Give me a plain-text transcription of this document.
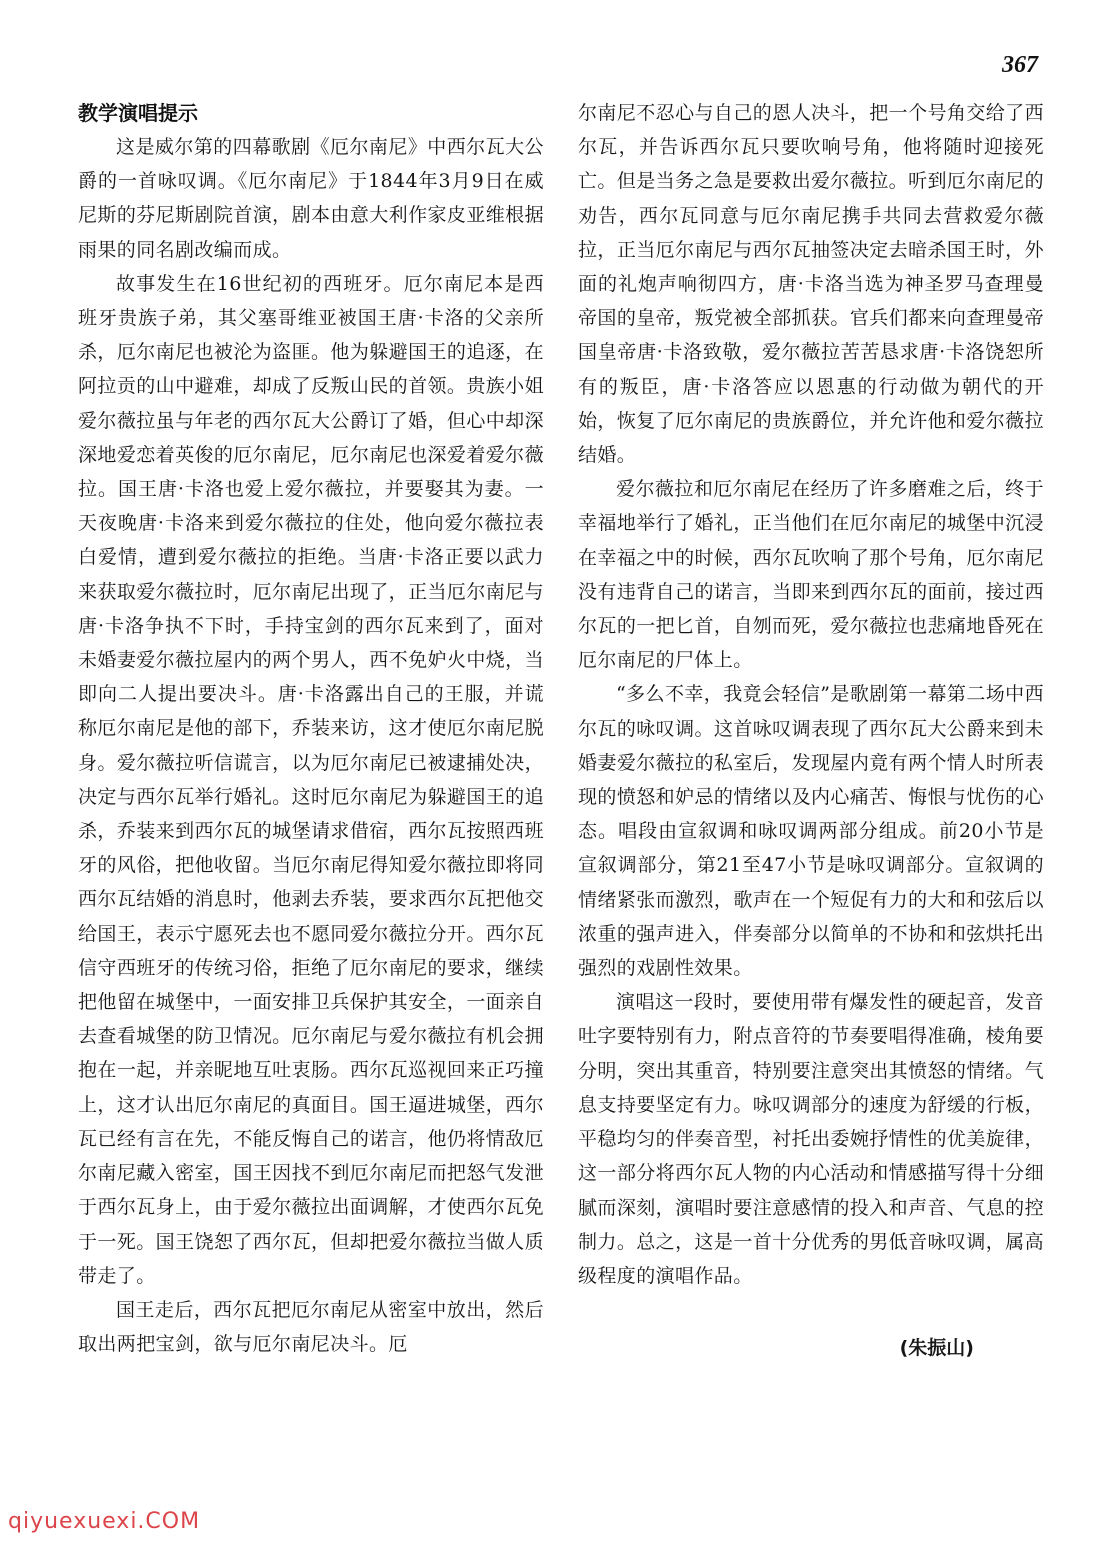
367
教学演唱提示

这是威尔第的四幕歌剧《厄尔南尼》中西尔瓦大公爵的一首咏叹调。《厄尔南尼》于1844年3月9日在威尼斯的芬尼斯剧院首演，剧本由意大利作家皮亚维根据雨果的同名剧改编而成。

故事发生在16世纪初的西班牙。厄尔南尼本是西班牙贵族子弟，其父塞哥维亚被国王唐·卡洛的父亲所杀，厄尔南尼也被沦为盗匪。他为躲避国王的追逐，在阿拉贡的山中避难，却成了反叛山民的首领。贵族小姐爱尔薇拉虽与年老的西尔瓦大公爵订了婚，但心中却深深地爱恋着英俊的厄尔南尼，厄尔南尼也深爱着爱尔薇拉。国王唐·卡洛也爱上爱尔薇拉，并要娶其为妻。一天夜晚唐·卡洛来到爱尔薇拉的住处，他向爱尔薇拉表白爱情，遭到爱尔薇拉的拒绝。当唐·卡洛正要以武力来获取爱尔薇拉时，厄尔南尼出现了，正当厄尔南尼与唐·卡洛争执不下时，手持宝剑的西尔瓦来到了，面对未婚妻爱尔薇拉屋内的两个男人，西不免妒火中烧，当即向二人提出要决斗。唐·卡洛露出自己的王服，并谎称厄尔南尼是他的部下，乔装来访，这才使厄尔南尼脱身。爱尔薇拉听信谎言，以为厄尔南尼已被逮捕处决，决定与西尔瓦举行婚礼。这时厄尔南尼为躲避国王的追杀，乔装来到西尔瓦的城堡请求借宿，西尔瓦按照西班牙的风俗，把他收留。当厄尔南尼得知爱尔薇拉即将同西尔瓦结婚的消息时，他剥去乔装，要求西尔瓦把他交给国王，表示宁愿死去也不愿同爱尔薇拉分开。西尔瓦信守西班牙的传统习俗，拒绝了厄尔南尼的要求，继续把他留在城堡中，一面安排卫兵保护其安全，一面亲自去查看城堡的防卫情况。厄尔南尼与爱尔薇拉有机会拥抱在一起，并亲昵地互吐衷肠。西尔瓦巡视回来正巧撞上，这才认出厄尔南尼的真面目。国王逼进城堡，西尔瓦已经有言在先，不能反悔自己的诺言，他仍将情敌厄尔南尼藏入密室，国王因找不到厄尔南尼而把怒气发泄于西尔瓦身上，由于爱尔薇拉出面调解，才使西尔瓦免于一死。国王饶恕了西尔瓦，但却把爱尔薇拉当做人质带走了。

国王走后，西尔瓦把厄尔南尼从密室中放出，然后取出两把宝剑，欲与厄尔南尼决斗。厄

尔南尼不忍心与自己的恩人决斗，把一个号角交给了西尔瓦，并告诉西尔瓦只要吹响号角，他将随时迎接死亡。但是当务之急是要救出爱尔薇拉。听到厄尔南尼的劝告，西尔瓦同意与厄尔南尼携手共同去营救爱尔薇拉，正当厄尔南尼与西尔瓦抽签决定去暗杀国王时，外面的礼炮声响彻四方，唐·卡洛当选为神圣罗马查理曼帝国的皇帝，叛党被全部抓获。官兵们都来向查理曼帝国皇帝唐·卡洛致敬，爱尔薇拉苦苦恳求唐·卡洛饶恕所有的叛臣，唐·卡洛答应以恩惠的行动做为朝代的开始，恢复了厄尔南尼的贵族爵位，并允许他和爱尔薇拉结婚。

爱尔薇拉和厄尔南尼在经历了许多磨难之后，终于幸福地举行了婚礼，正当他们在厄尔南尼的城堡中沉浸在幸福之中的时候，西尔瓦吹响了那个号角，厄尔南尼没有违背自己的诺言，当即来到西尔瓦的面前，接过西尔瓦的一把匕首，自刎而死，爱尔薇拉也悲痛地昏死在厄尔南尼的尸体上。

“多么不幸，我竟会轻信”是歌剧第一幕第二场中西尔瓦的咏叹调。这首咏叹调表现了西尔瓦大公爵来到未婚妻爱尔薇拉的私室后，发现屋内竟有两个情人时所表现的愤怒和妒忌的情绪以及内心痛苦、悔恨与忧伤的心态。唱段由宣叙调和咏叹调两部分组成。前20小节是宣叙调部分，第21至47小节是咏叹调部分。宣叙调的情绪紧张而激烈，歌声在一个短促有力的大和和弦后以浓重的强声进入，伴奏部分以简单的不协和和弦烘托出强烈的戏剧性效果。

演唱这一段时，要使用带有爆发性的硬起音，发音吐字要特别有力，附点音符的节奏要唱得准确，棱角要分明，突出其重音，特别要注意突出其愤怒的情绪。气息支持要坚定有力。咏叹调部分的速度为舒缓的行板，平稳均匀的伴奏音型，衬托出委婉抒情性的优美旋律，这一部分将西尔瓦人物的内心活动和情感描写得十分细腻而深刻，演唱时要注意感情的投入和声音、气息的控制力。总之，这是一首十分优秀的男低音咏叹调，属高级程度的演唱作品。

(朱振山)
qiyuexuexi.COM
